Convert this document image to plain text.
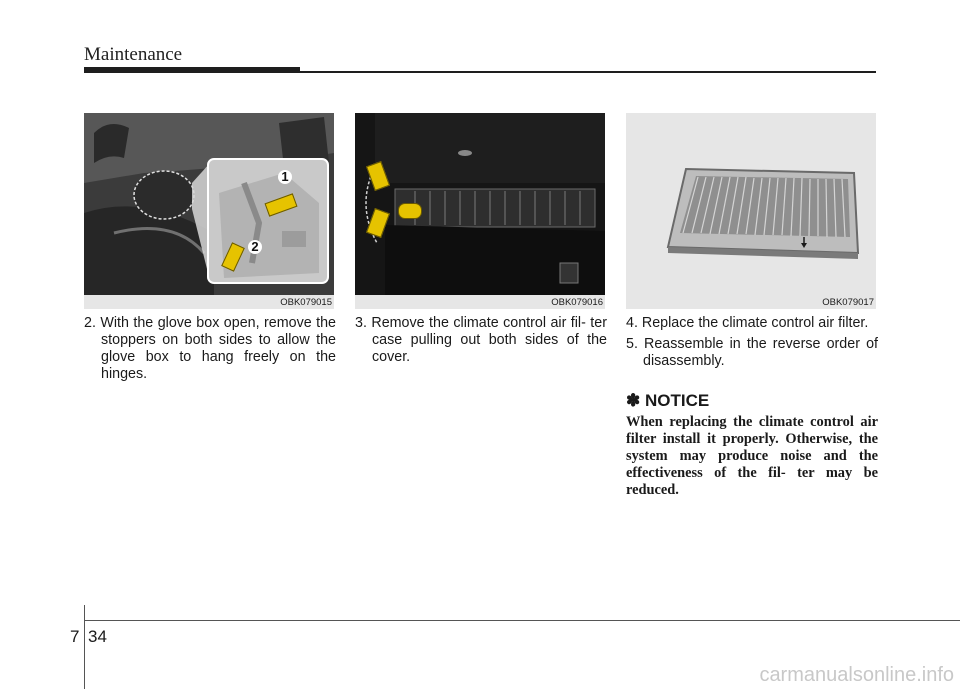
Maintenance
1
2
OBK079015	OBK079016	OBK079017

2. With the glove box open, remove the stoppers on both sides to allow the glove box to hang freely on the hinges.

3. Remove the climate control air fil- ter case pulling out both sides of the cover.

4. Replace the climate control air filter.

5. Reassemble in the reverse order of disassembly.

✽ NOTICE
When replacing the climate control air filter install it properly. Otherwise, the system may produce noise and the effectiveness of the fil- ter may be reduced.
7 34
carmanualsonline.info
